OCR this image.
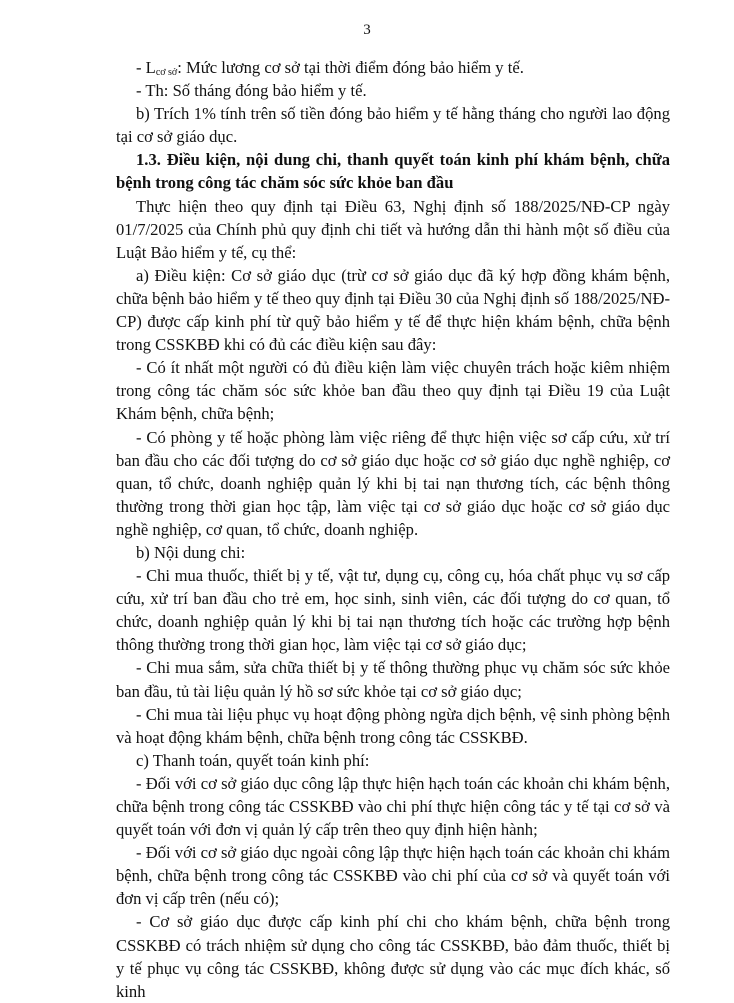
3

- $L_{cơ sở}$: Mức lương cơ sở tại thời điểm đóng bảo hiểm y tế.

- Th: Số tháng đóng bảo hiểm y tế.

b) Trích 1% tính trên số tiền đóng bảo hiểm y tế hằng tháng cho người lao động tại cơ sở giáo dục.

1.3. Điều kiện, nội dung chi, thanh quyết toán kinh phí khám bệnh, chữa bệnh trong công tác chăm sóc sức khỏe ban đầu

Thực hiện theo quy định tại Điều 63, Nghị định số 188/2025/NĐ-CP ngày 01/7/2025 của Chính phủ quy định chi tiết và hướng dẫn thi hành một số điều của Luật Bảo hiểm y tế, cụ thể:

a) Điều kiện: Cơ sở giáo dục (trừ cơ sở giáo dục đã ký hợp đồng khám bệnh, chữa bệnh bảo hiểm y tế theo quy định tại Điều 30 của Nghị định số 188/2025/NĐ-CP) được cấp kinh phí từ quỹ bảo hiểm y tế để thực hiện khám bệnh, chữa bệnh trong CSSKBĐ khi có đủ các điều kiện sau đây:

- Có ít nhất một người có đủ điều kiện làm việc chuyên trách hoặc kiêm nhiệm trong công tác chăm sóc sức khỏe ban đầu theo quy định tại Điều 19 của Luật Khám bệnh, chữa bệnh;

- Có phòng y tế hoặc phòng làm việc riêng để thực hiện việc sơ cấp cứu, xử trí ban đầu cho các đối tượng do cơ sở giáo dục hoặc cơ sở giáo dục nghề nghiệp, cơ quan, tổ chức, doanh nghiệp quản lý khi bị tai nạn thương tích, các bệnh thông thường trong thời gian học tập, làm việc tại cơ sở giáo dục hoặc cơ sở giáo dục nghề nghiệp, cơ quan, tổ chức, doanh nghiệp.

b) Nội dung chi:

- Chi mua thuốc, thiết bị y tế, vật tư, dụng cụ, công cụ, hóa chất phục vụ sơ cấp cứu, xử trí ban đầu cho trẻ em, học sinh, sinh viên, các đối tượng do cơ quan, tổ chức, doanh nghiệp quản lý khi bị tai nạn thương tích hoặc các trường hợp bệnh thông thường trong thời gian học, làm việc tại cơ sở giáo dục;

- Chi mua sắm, sửa chữa thiết bị y tế thông thường phục vụ chăm sóc sức khỏe ban đầu, tủ tài liệu quản lý hồ sơ sức khỏe tại cơ sở giáo dục;

- Chi mua tài liệu phục vụ hoạt động phòng ngừa dịch bệnh, vệ sinh phòng bệnh và hoạt động khám bệnh, chữa bệnh trong công tác CSSKBĐ.

c) Thanh toán, quyết toán kinh phí:

- Đối với cơ sở giáo dục công lập thực hiện hạch toán các khoản chi khám bệnh, chữa bệnh trong công tác CSSKBĐ vào chi phí thực hiện công tác y tế tại cơ sở và quyết toán với đơn vị quản lý cấp trên theo quy định hiện hành;

- Đối với cơ sở giáo dục ngoài công lập thực hiện hạch toán các khoản chi khám bệnh, chữa bệnh trong công tác CSSKBĐ vào chi phí của cơ sở và quyết toán với đơn vị cấp trên (nếu có);

- Cơ sở giáo dục được cấp kinh phí chi cho khám bệnh, chữa bệnh trong CSSKBĐ có trách nhiệm sử dụng cho công tác CSSKBĐ, bảo đảm thuốc, thiết bị y tế phục vụ công tác CSSKBĐ, không được sử dụng vào các mục đích khác, số kinh
